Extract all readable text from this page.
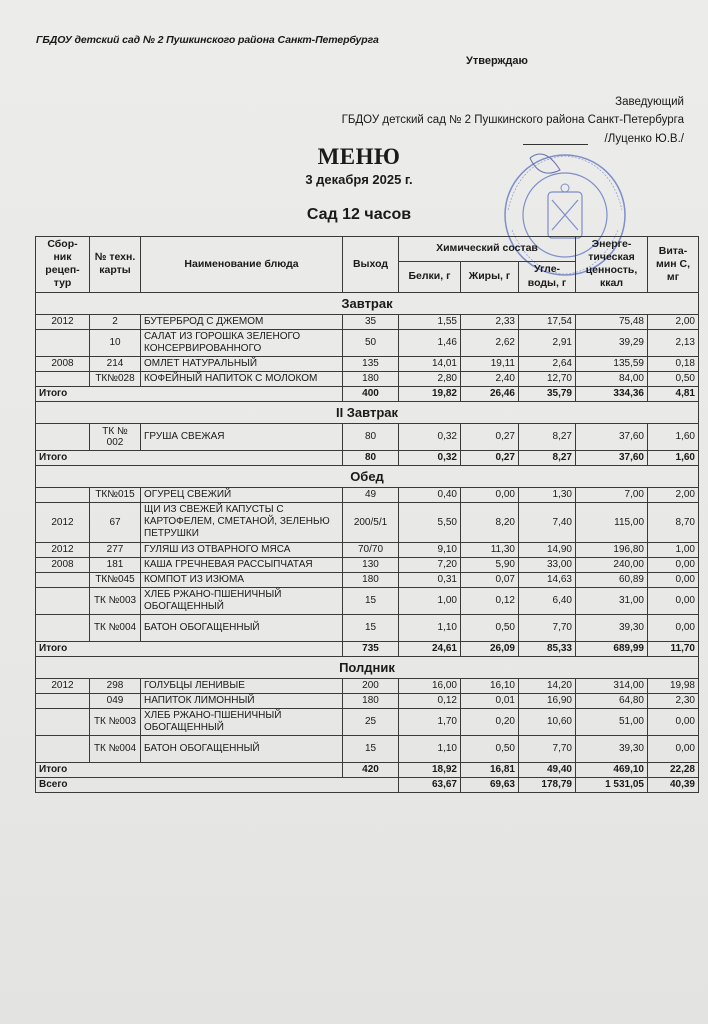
ГБДОУ детский сад № 2 Пушкинского района Санкт-Петербурга
Утверждаю
Заведующий
ГБДОУ детский сад № 2 Пушкинского района Санкт-Петербурга
/Луценко Ю.В./
МЕНЮ
3 декабря 2025 г.
Сад 12 часов
Сбор-ник рецеп-тур	№ техн. карты	Наименование блюда	Выход	Химический состав			Энерге-тическая ценность, ккал	Вита-мин С, мг
				Белки, г	Жиры, г	Угле-воды, г		
Завтрак								
2012	2	БУТЕРБРОД С ДЖЕМОМ	35	1,55	2,33	17,54	75,48	2,00
	10	САЛАТ ИЗ ГОРОШКА ЗЕЛЕНОГО КОНСЕРВИРОВАННОГО	50	1,46	2,62	2,91	39,29	2,13
2008	214	ОМЛЕТ НАТУРАЛЬНЫЙ	135	14,01	19,11	2,64	135,59	0,18
	ТК№028	КОФЕЙНЫЙ НАПИТОК С МОЛОКОМ	180	2,80	2,40	12,70	84,00	0,50
Итого			400	19,82	26,46	35,79	334,36	4,81
II Завтрак								
	ТК № 002	ГРУША СВЕЖАЯ	80	0,32	0,27	8,27	37,60	1,60
Итого			80	0,32	0,27	8,27	37,60	1,60
Обед								
	ТК№015	ОГУРЕЦ СВЕЖИЙ	49	0,40	0,00	1,30	7,00	2,00
2012	67	ЩИ ИЗ СВЕЖЕЙ КАПУСТЫ С КАРТОФЕЛЕМ, СМЕТАНОЙ, ЗЕЛЕНЬЮ ПЕТРУШКИ	200/5/1	5,50	8,20	7,40	115,00	8,70
2012	277	ГУЛЯШ ИЗ ОТВАРНОГО МЯСА	70/70	9,10	11,30	14,90	196,80	1,00
2008	181	КАША ГРЕЧНЕВАЯ РАССЫПЧАТАЯ	130	7,20	5,90	33,00	240,00	0,00
	ТК№045	КОМПОТ ИЗ ИЗЮМА	180	0,31	0,07	14,63	60,89	0,00
	ТК №003	ХЛЕБ РЖАНО-ПШЕНИЧНЫЙ ОБОГАЩЕННЫЙ	15	1,00	0,12	6,40	31,00	0,00
	ТК №004	БАТОН ОБОГАЩЕННЫЙ	15	1,10	0,50	7,70	39,30	0,00
Итого			735	24,61	26,09	85,33	689,99	11,70
Полдник								
2012	298	ГОЛУБЦЫ ЛЕНИВЫЕ	200	16,00	16,10	14,20	314,00	19,98
	049	НАПИТОК ЛИМОННЫЙ	180	0,12	0,01	16,90	64,80	2,30
	ТК №003	ХЛЕБ РЖАНО-ПШЕНИЧНЫЙ ОБОГАЩЕННЫЙ	25	1,70	0,20	10,60	51,00	0,00
	ТК №004	БАТОН ОБОГАЩЕННЫЙ	15	1,10	0,50	7,70	39,30	0,00
Итого			420	18,92	16,81	49,40	469,10	22,28
Всего				63,67	69,63	178,79	1 531,05	40,39
